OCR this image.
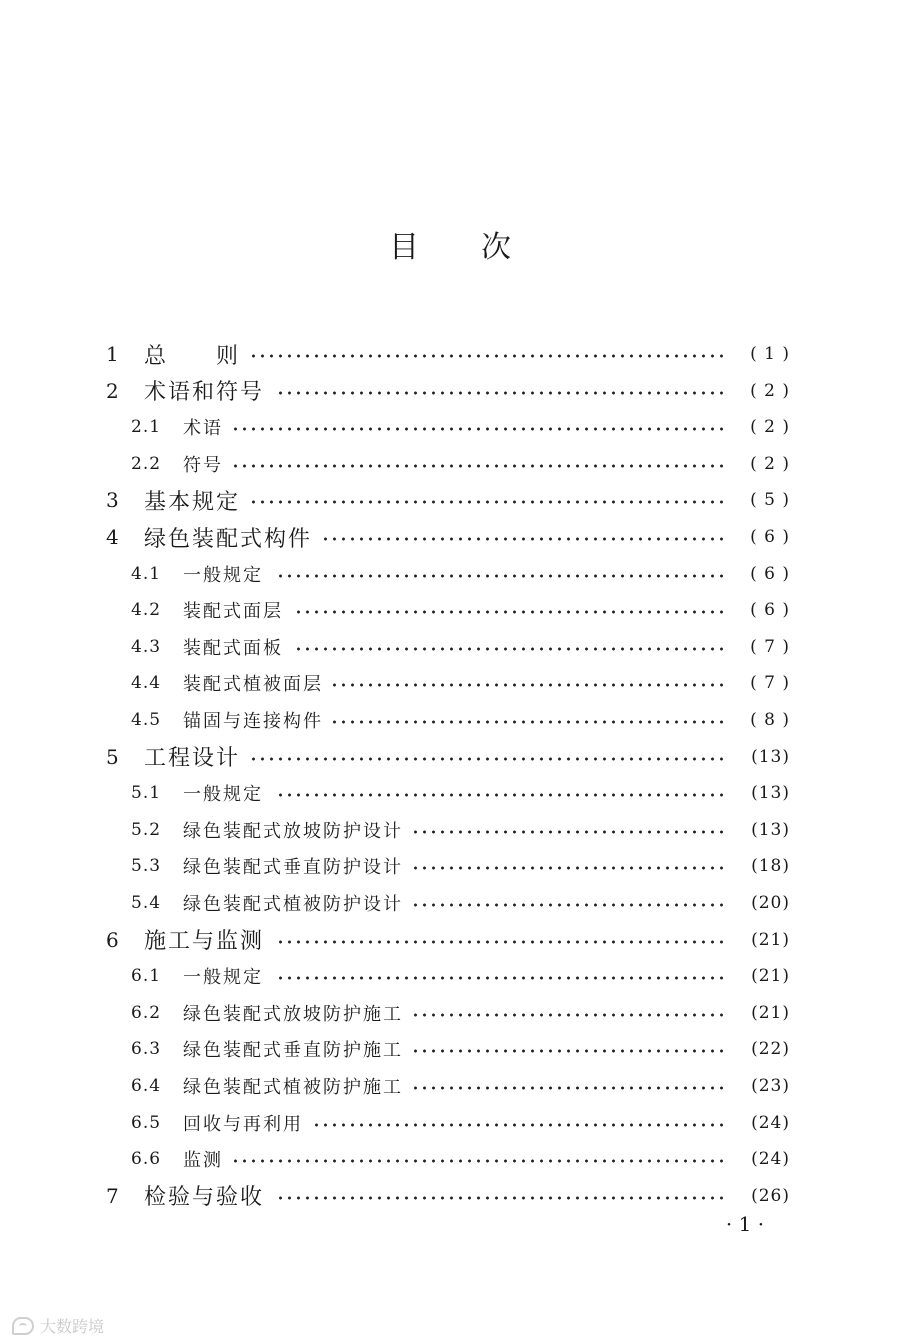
目 次
1	总　　则	( 1 )
2	术语和符号	( 2 )
2.1	术语	( 2 )
2.2	符号	( 2 )
3	基本规定	( 5 )
4	绿色装配式构件	( 6 )
4.1	一般规定	( 6 )
4.2	装配式面层	( 6 )
4.3	装配式面板	( 7 )
4.4	装配式植被面层	( 7 )
4.5	锚固与连接构件	( 8 )
5	工程设计	(13)
5.1	一般规定	(13)
5.2	绿色装配式放坡防护设计	(13)
5.3	绿色装配式垂直防护设计	(18)
5.4	绿色装配式植被防护设计	(20)
6	施工与监测	(21)
6.1	一般规定	(21)
6.2	绿色装配式放坡防护施工	(21)
6.3	绿色装配式垂直防护施工	(22)
6.4	绿色装配式植被防护施工	(23)
6.5	回收与再利用	(24)
6.6	监测	(24)
7	检验与验收	(26)
· 1 ·
大数跨境
